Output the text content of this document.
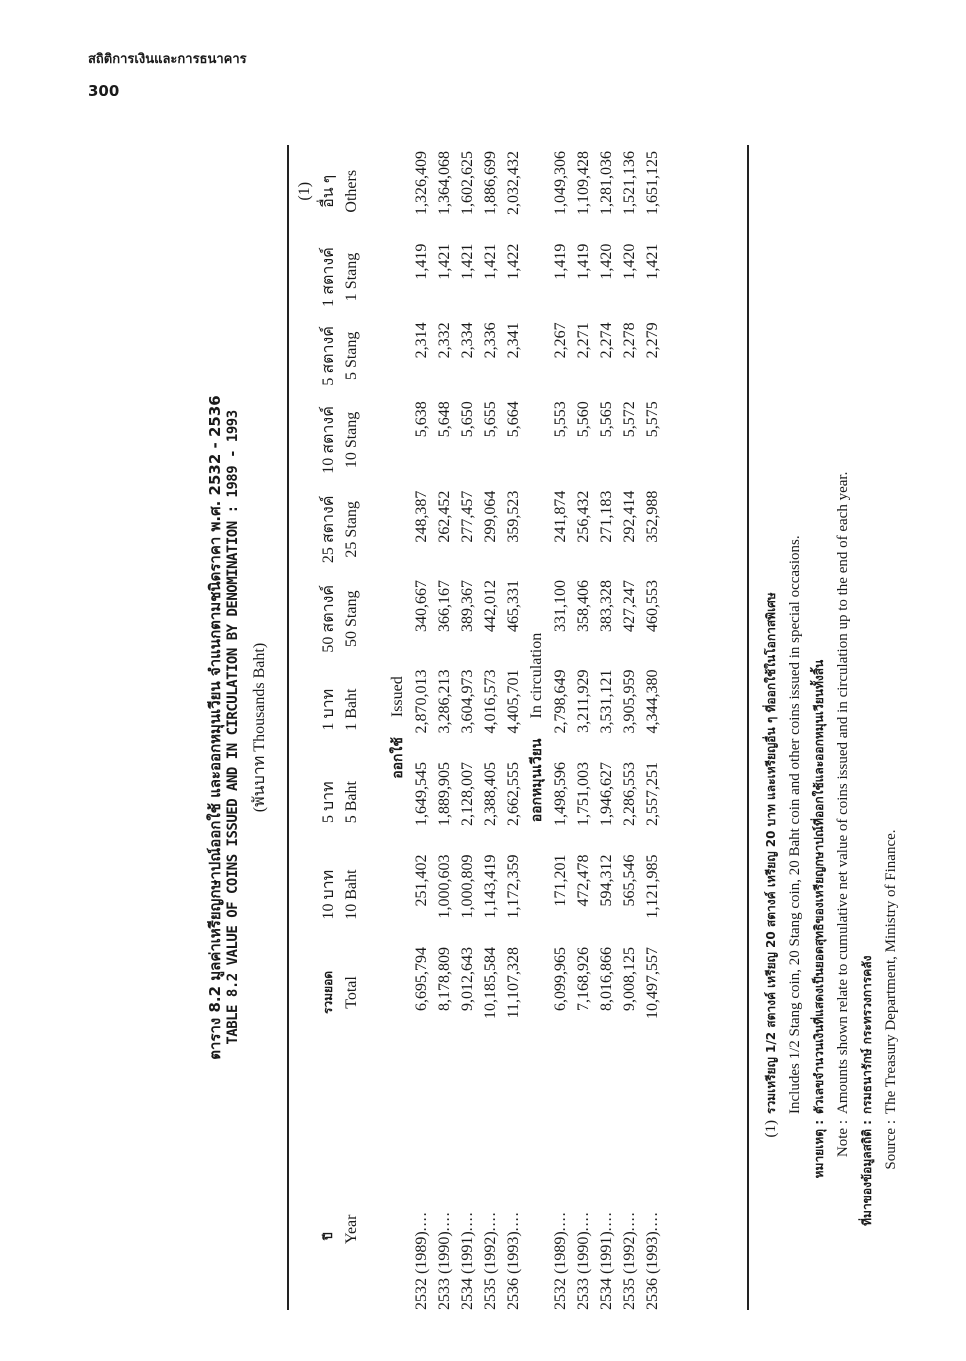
สถิติการเงินและการธนาคาร
300
ตาราง 8.2 มูลค่าเหรียญกษาปณ์ออกใช้ และออกหมุนเวียน จำแนกตามชนิดราคา พ.ศ. 2532 - 2536 TABLE 8.2 VALUE OF COINS ISSUED AND IN CIRCULATION BY DENOMINATION : 1989 - 1993 (พันบาท Thousands Baht)
										(1)
ปี	รวมยอด	10 บาท	5 บาท	1 บาท	50 สตางค์	25 สตางค์	10 สตางค์	5 สตางค์	1 สตางค์	อื่น ๆ
Year	Total	10 Baht	5 Baht	1 Baht	50 Stang	25 Stang	10 Stang	5 Stang	1 Stang	Others

ออกใช้Issued										
2532 (1989)....	6,695,794	251,402	1,649,545	2,870,013	340,667	248,387	5,638	2,314	1,419	1,326,409
2533 (1990)....	8,178,809	1,000,603	1,889,905	3,286,213	366,167	262,452	5,648	2,332	1,421	1,364,068
2534 (1991)....	9,012,643	1,000,809	2,128,007	3,604,973	389,367	277,457	5,650	2,334	1,421	1,602,625
2535 (1992)....	10,185,584	1,143,419	2,388,405	4,016,573	442,012	299,064	5,655	2,336	1,421	1,886,699
2536 (1993)....	11,107,328	1,172,359	2,662,555	4,405,701	465,331	359,523	5,664	2,341	1,422	2,032,432
ออกหมุนเวียนIn circulation										
2532 (1989)....	6,099,965	171,201	1,498,596	2,798,649	331,100	241,874	5,553	2,267	1,419	1,049,306
2533 (1990)....	7,168,926	472,478	1,751,003	3,211,929	358,406	256,432	5,560	2,271	1,419	1,109,428
2534 (1991)....	8,016,866	594,312	1,946,627	3,531,121	383,328	271,183	5,565	2,274	1,420	1,281,036
2535 (1992)....	9,008,125	565,546	2,286,553	3,905,959	427,247	292,414	5,572	2,278	1,420	1,521,136
2536 (1993)....	10,497,557	1,121,985	2,557,251	4,344,380	460,553	352,988	5,575	2,279	1,421	1,651,125
(1)รวมเหรียญ 1/2 สตางค์ เหรียญ 20 สตางค์ เหรียญ 20 บาท และเหรียญอื่น ๆ ที่ออกใช้ในโอกาสพิเศษ Includes 1/2 Stang coin, 20 Stang coin, 20 Baht coin and other coins issued in special occasions.
หมายเหตุ :ตัวเลขจำนวนเงินที่แสดงเป็นยอดสุทธิของเหรียญกษาปณ์ที่ออกใช้และออกหมุนเวียนทั้งสิ้น
Note :Amounts shown relate to cumulative net value of coins issued and in circulation up to the end of each year.
ที่มาของข้อมูลสถิติ :กรมธนารักษ์ กระทรวงการคลัง
Source :The Treasury Department, Ministry of Finance.
